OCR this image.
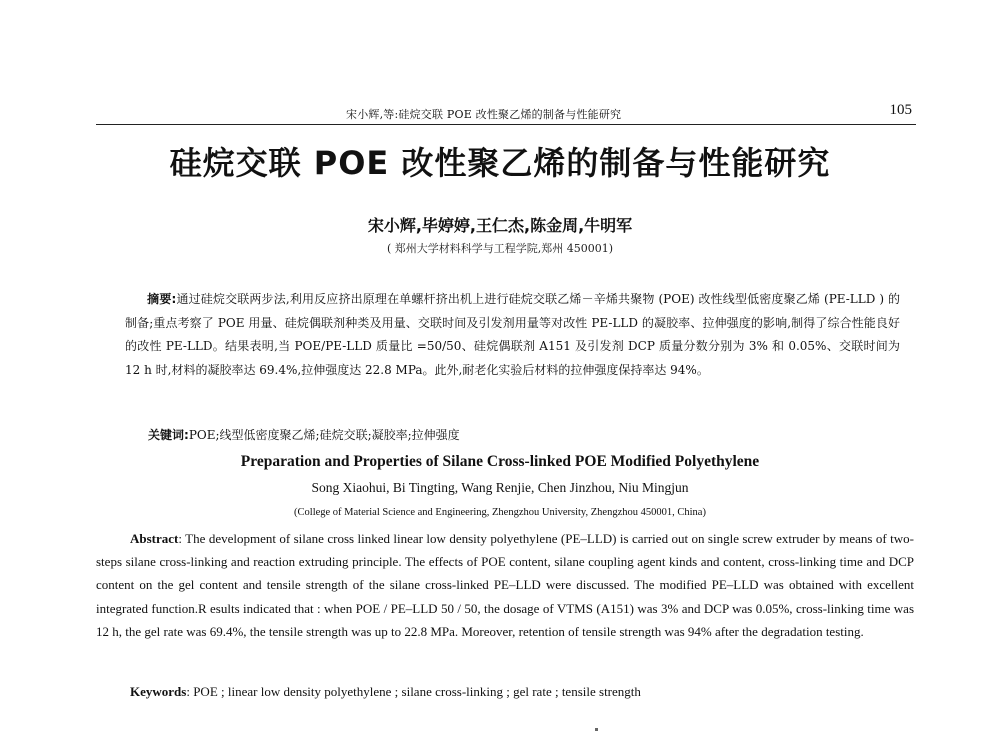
宋小辉,等:硅烷交联 POE 改性聚乙烯的制备与性能研究	105
硅烷交联 POE 改性聚乙烯的制备与性能研究
宋小辉,毕婷婷,王仁杰,陈金周,牛明军
( 郑州大学材料科学与工程学院,郑州 450001)
摘要:通过硅烷交联两步法,利用反应挤出原理在单螺杆挤出机上进行硅烷交联乙烯－辛烯共聚物 (POE) 改性线型低密度聚乙烯 (PE-LLD ) 的制备;重点考察了 POE 用量、硅烷偶联剂种类及用量、交联时间及引发剂用量等对改性 PE-LLD 的凝胶率、拉伸强度的影响,制得了综合性能良好的改性 PE-LLD。结果表明,当 POE/PE-LLD 质量比 =50/50、硅烷偶联剂 A151 及引发剂 DCP 质量分数分别为 3% 和 0.05%、交联时间为 12 h 时,材料的凝胶率达 69.4%,拉伸强度达 22.8 MPa。此外,耐老化实验后材料的拉伸强度保持率达 94%。
关键词:POE;线型低密度聚乙烯;硅烷交联;凝胶率;拉伸强度
Preparation and Properties of Silane Cross-linked POE Modified Polyethylene
Song Xiaohui, Bi Tingting, Wang Renjie, Chen Jinzhou, Niu Mingjun
(College of Material Science and Engineering, Zhengzhou University, Zhengzhou 450001, China)
Abstract: The development of silane cross linked linear low density polyethylene (PE–LLD) is carried out on single screw extruder by means of two-steps silane cross-linking and reaction extruding principle. The effects of POE content, silane coupling agent kinds and content, cross-linking time and DCP content on the gel content and tensile strength of the silane cross-linked PE–LLD were discussed. The modified PE–LLD was obtained with excellent integrated function.R esults indicated that : when POE / PE–LLD 50 / 50, the dosage of VTMS (A151) was 3% and DCP was 0.05%, cross-linking time was 12 h, the gel rate was 69.4%, the tensile strength was up to 22.8 MPa. Moreover, retention of tensile strength was 94% after the degradation testing.
Keywords: POE ; linear low density polyethylene ; silane cross-linking ; gel rate ; tensile strength
